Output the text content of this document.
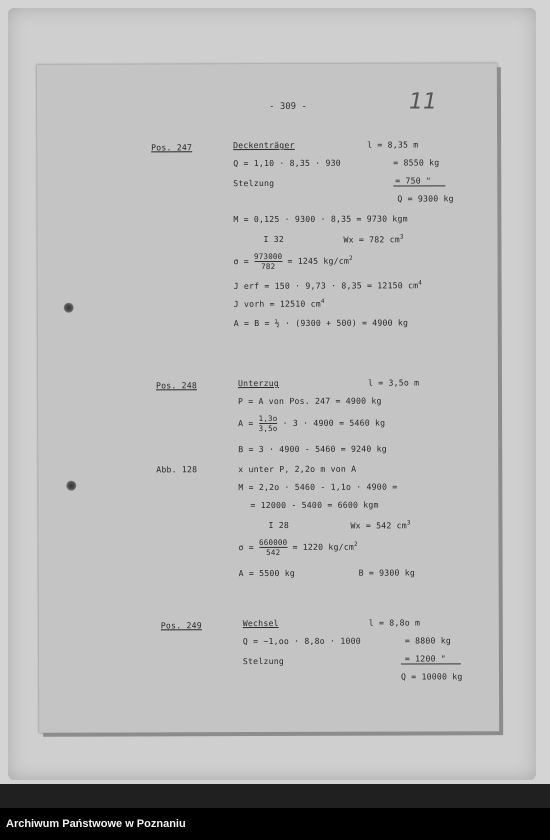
- 309 -	11
Pos. 247	Deckenträger	l = 8,35 m
Q = 1,10 · 8,35 · 930	= 8550 kg
Stelzung	= 750 "
Q = 9300 kg
M = 0,125 · 9300 · 8,35 = 9730 kgm
I 32	Wx = 782 $cm^3$
$\sigma = \frac{973000}{782} = 1245$ $kg/cm^2$
J erf = 150 · 9,73 · 8,35 = 12150 $cm^4$
J vorh = 12510 $cm^4$
A = B = ½ · (9300 + 500) = 4900 kg
Pos. 248	Unterzug	l = 3,5o m
P = A von Pos. 247 = 4900 kg
$A = \frac{1,3o}{3,5o} \cdot 3 \cdot 4900 = 5460$ kg
B = 3 · 4900 - 5460 = 9240 kg
Abb. 128	x unter P, 2,2o m von A
M = 2,2o · 5460 - 1,1o · 4900 =
= 12000 - 5400 = 6600 kgm
I 28	Wx = 542 $cm^3$
$\sigma = \frac{660000}{542} = 1220$ $kg/cm^2$
A = 5500 kg	B = 9300 kg
Pos. 249	Wechsel	l = 8,8o m
Q = ~1,oo · 8,8o · 1000	= 8800 kg
Stelzung	= 1200 "
Q = 10000 kg
Archiwum Państwowe w Poznaniu
